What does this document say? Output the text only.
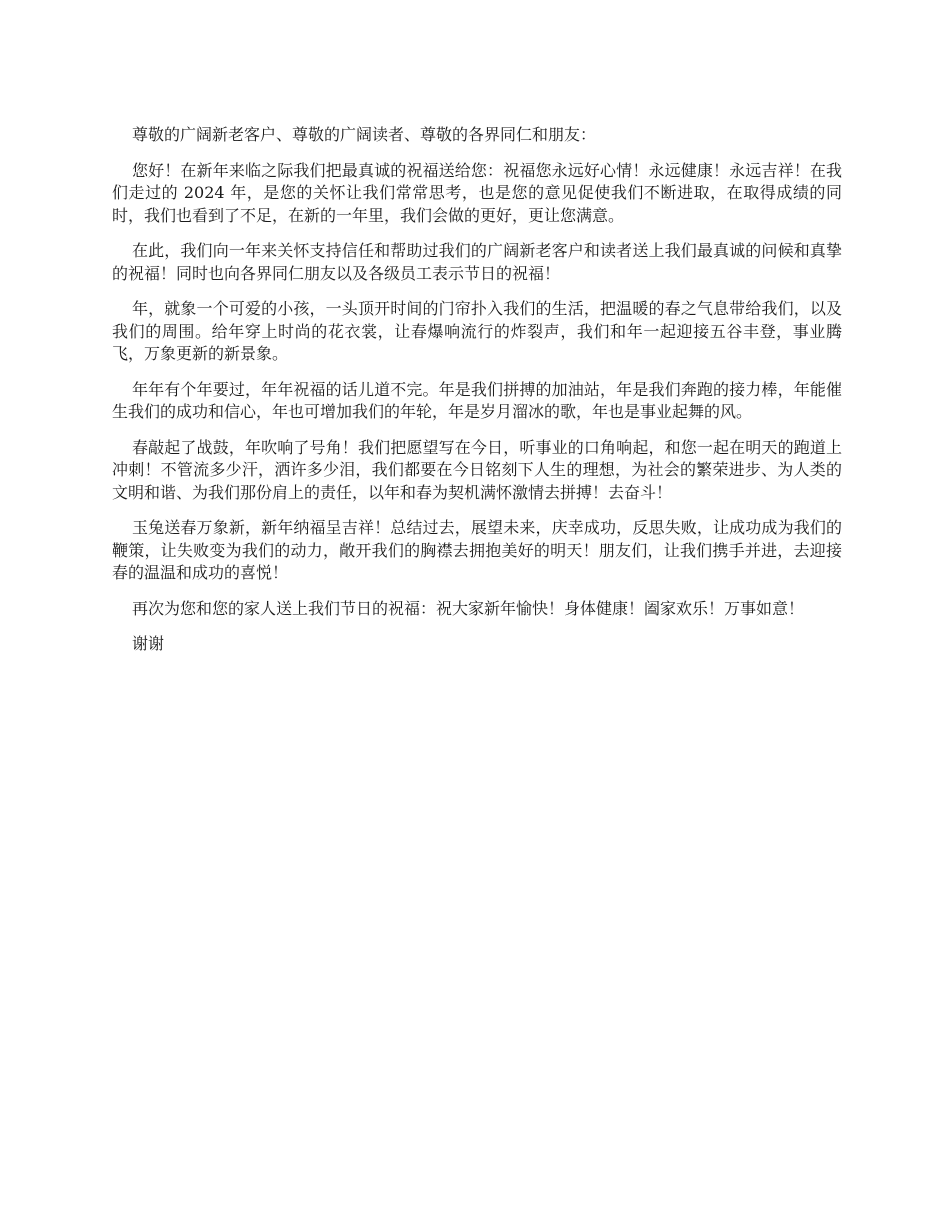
尊敬的广阔新老客户、尊敬的广阔读者、尊敬的各界同仁和朋友：

您好！在新年来临之际我们把最真诚的祝福送给您：祝福您永远好心情！永远健康！永远吉祥！在我们走过的 2024 年，是您的关怀让我们常常思考，也是您的意见促使我们不断进取，在取得成绩的同时，我们也看到了不足，在新的一年里，我们会做的更好，更让您满意。

在此，我们向一年来关怀支持信任和帮助过我们的广阔新老客户和读者送上我们最真诚的问候和真挚的祝福！同时也向各界同仁朋友以及各级员工表示节日的祝福！

年，就象一个可爱的小孩，一头顶开时间的门帘扑入我们的生活，把温暖的春之气息带给我们，以及我们的周围。给年穿上时尚的花衣裳，让春爆响流行的炸裂声，我们和年一起迎接五谷丰登，事业腾飞，万象更新的新景象。

年年有个年要过，年年祝福的话儿道不完。年是我们拼搏的加油站，年是我们奔跑的接力棒，年能催生我们的成功和信心，年也可增加我们的年轮，年是岁月溜冰的歌，年也是事业起舞的风。

春敲起了战鼓，年吹响了号角！我们把愿望写在今日，听事业的口角响起，和您一起在明天的跑道上冲刺！不管流多少汗，洒许多少泪，我们都要在今日铭刻下人生的理想，为社会的繁荣进步、为人类的文明和谐、为我们那份肩上的责任，以年和春为契机满怀激情去拼搏！去奋斗！

玉兔送春万象新，新年纳福呈吉祥！总结过去，展望未来，庆幸成功，反思失败，让成功成为我们的鞭策，让失败变为我们的动力，敞开我们的胸襟去拥抱美好的明天！朋友们，让我们携手并进，去迎接春的温温和成功的喜悦！

再次为您和您的家人送上我们节日的祝福：祝大家新年愉快！身体健康！阖家欢乐！万事如意！

谢谢
